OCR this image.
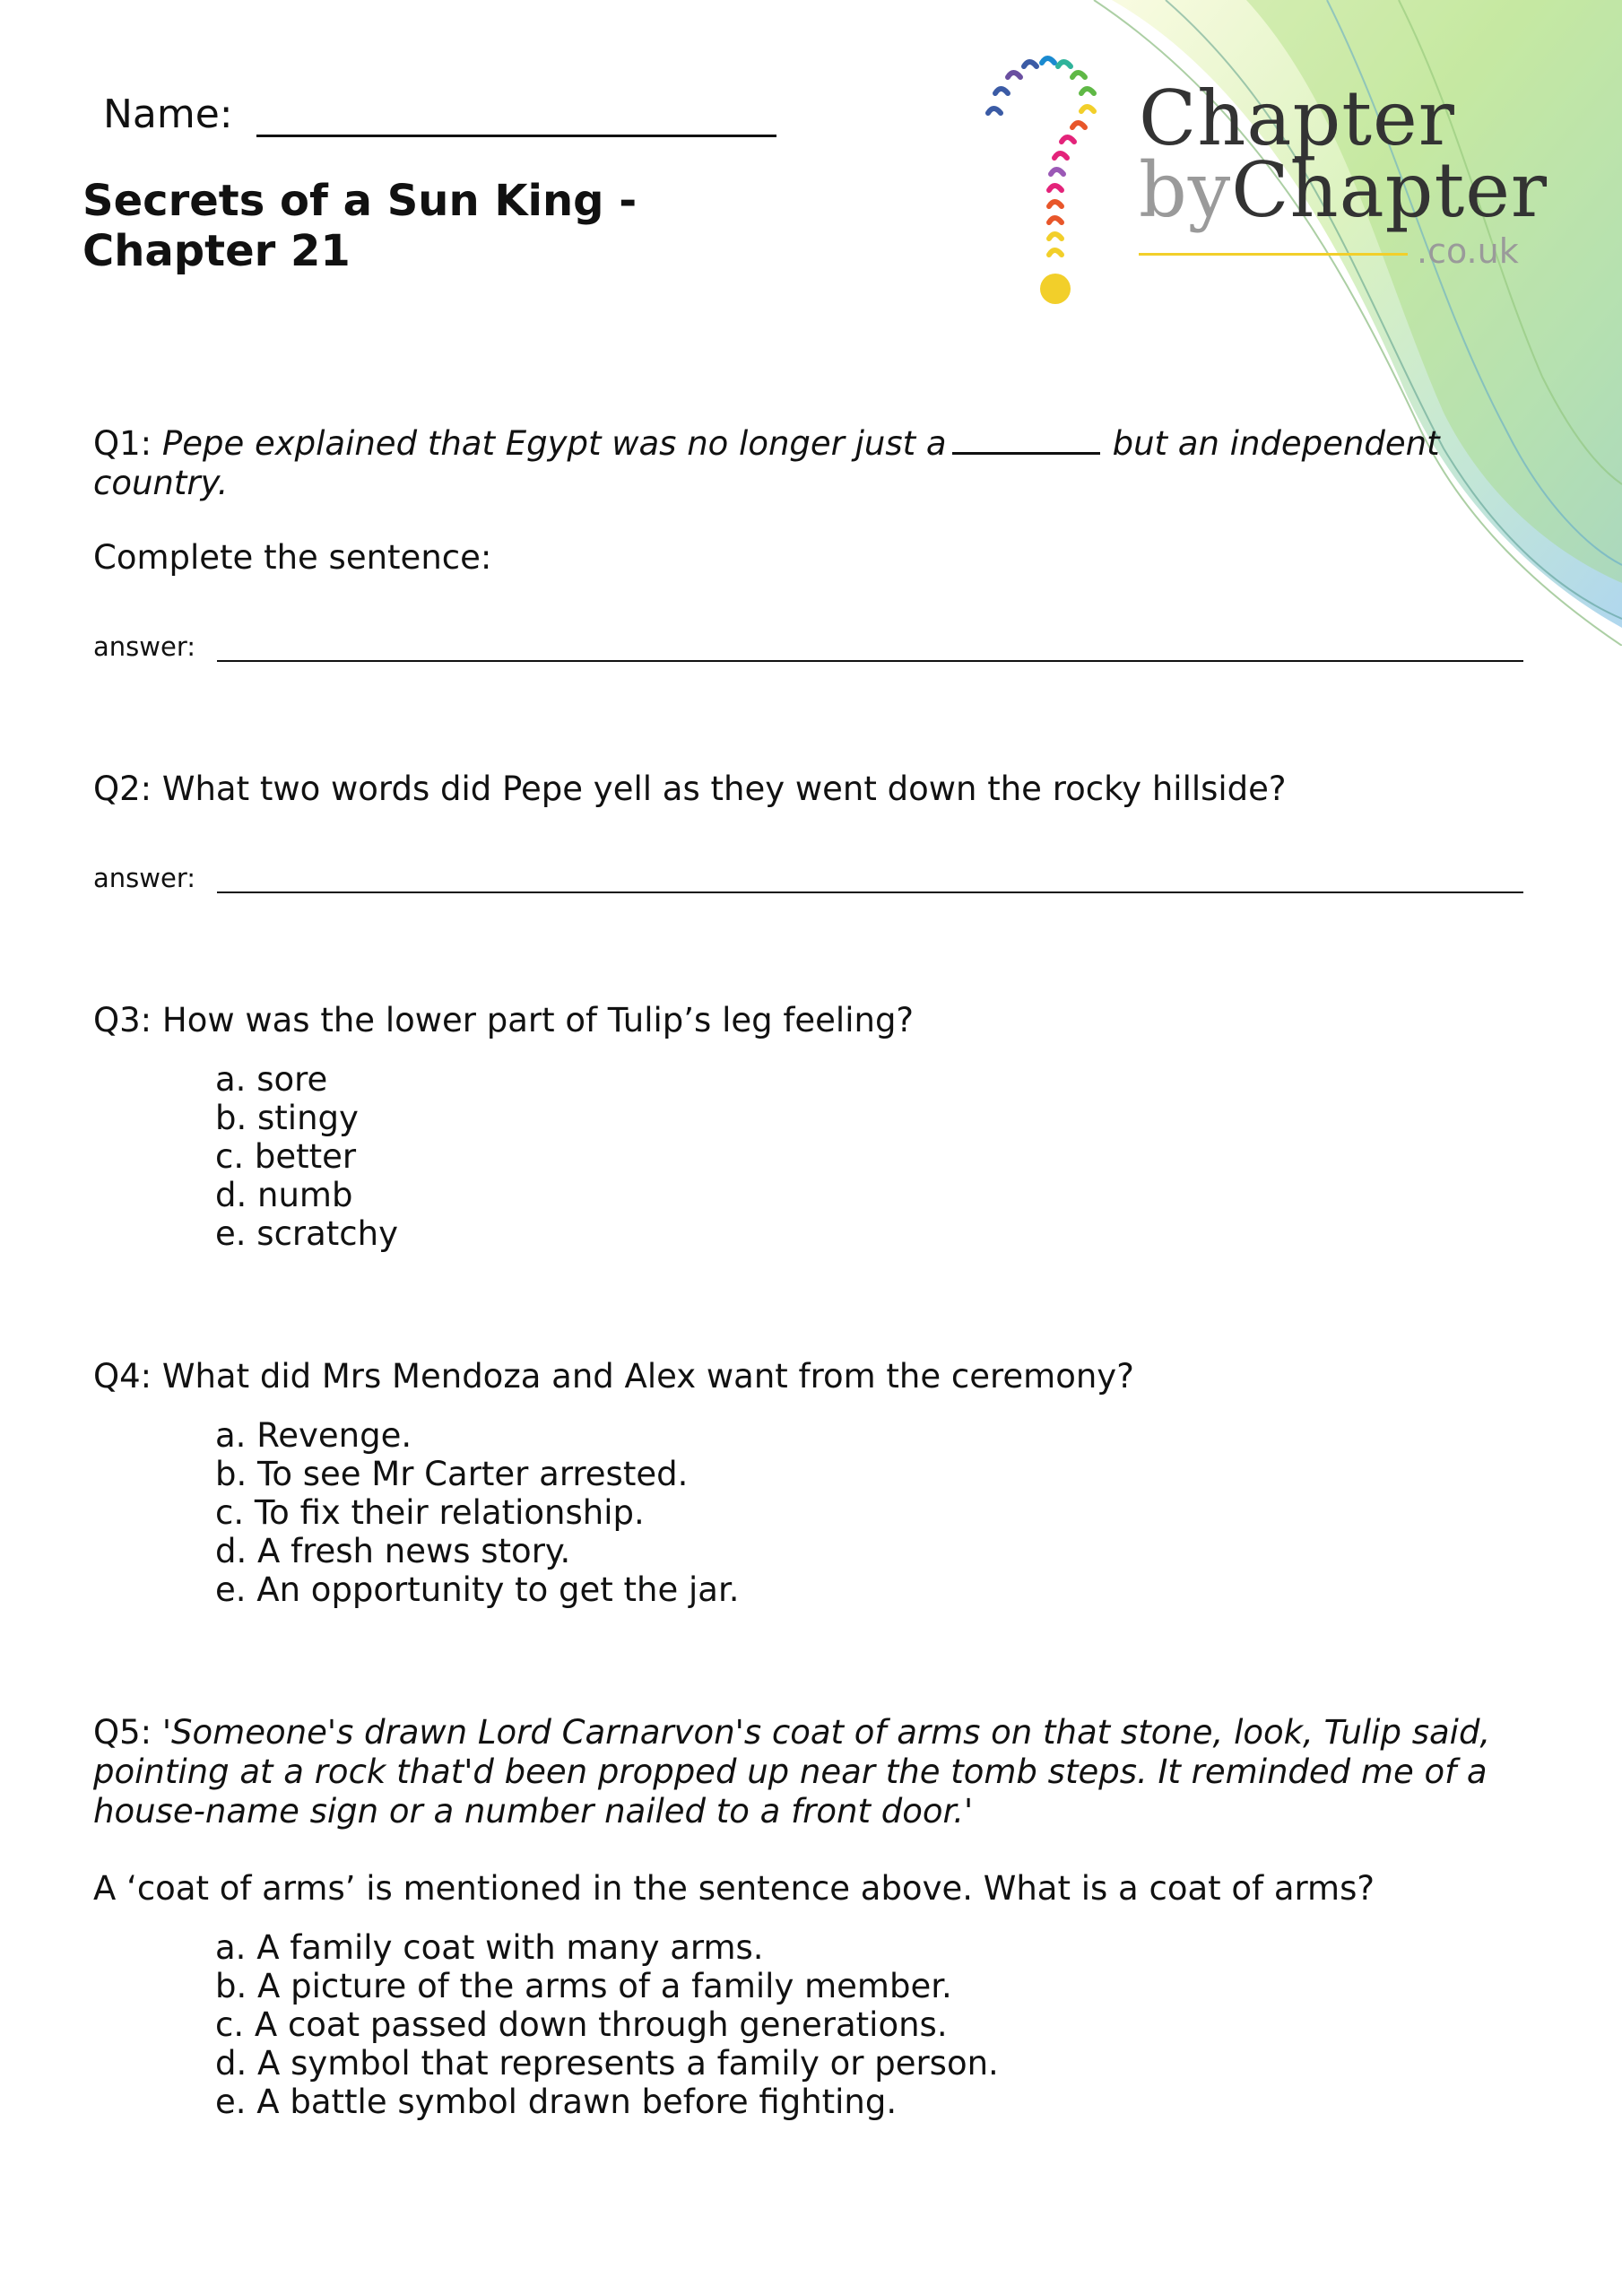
Name:
Secrets of a Sun King -
Chapter 21
Chapter
byChapter
.co.uk
Q1: Pepe explained that Egypt was no longer just a	but an independent country.
Complete the sentence:
answer:
Q2: What two words did Pepe yell as they went down the rocky hillside?
answer:
Q3: How was the lower part of Tulip’s leg feeling?
a. sore
b. stingy
c. better
d. numb
e. scratchy
Q4: What did Mrs Mendoza and Alex want from the ceremony?
a. Revenge.
b. To see Mr Carter arrested.
c. To fix their relationship.
d. A fresh news story.
e. An opportunity to get the jar.
Q5: 'Someone's drawn Lord Carnarvon's coat of arms on that stone, look, Tulip said,
pointing at a rock that'd been propped up near the tomb steps. It reminded me of a
house-name sign or a number nailed to a front door.'
A ‘coat of arms’ is mentioned in the sentence above. What is a coat of arms?
a. A family coat with many arms.
b. A picture of the arms of a family member.
c. A coat passed down through generations.
d. A symbol that represents a family or person.
e. A battle symbol drawn before fighting.
